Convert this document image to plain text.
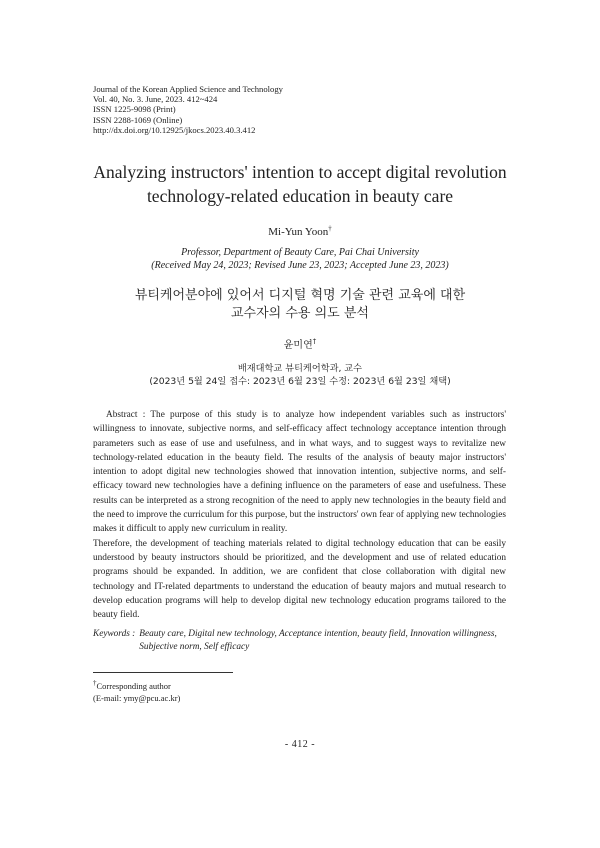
Journal of the Korean Applied Science and Technology
Vol. 40, No. 3. June, 2023. 412~424
ISSN 1225-9098 (Print)
ISSN 2288-1069 (Online)
http://dx.doi.org/10.12925/jkocs.2023.40.3.412
Analyzing instructors' intention to accept digital revolution
technology-related education in beauty care
Mi-Yun Yoon†
Professor, Department of Beauty Care, Pai Chai University
(Received May 24, 2023; Revised June 23, 2023; Accepted June 23, 2023)
뷰티케어분야에 있어서 디지털 혁명 기술 관련 교육에 대한
교수자의 수용 의도 분석
윤미연†
배재대학교 뷰티케어학과, 교수
(2023년 5월 24일 접수: 2023년 6월 23일 수정: 2023년 6월 23일 채택)

Abstract : The purpose of this study is to analyze how independent variables such as instructors' willingness to innovate, subjective norms, and self-efficacy affect technology acceptance intention through parameters such as ease of use and usefulness, and in what ways, and to suggest ways to revitalize new technology-related education in the beauty field. The results of the analysis of beauty major instructors' intention to adopt digital new technologies showed that innovation intention, subjective norms, and self-efficacy toward new technologies have a defining influence on the parameters of ease and usefulness. These results can be interpreted as a strong recognition of the need to apply new technologies in the beauty field and the need to improve the curriculum for this purpose, but the instructors' own fear of applying new technologies makes it difficult to apply new curriculum in reality.

Therefore, the development of teaching materials related to digital technology education that can be easily understood by beauty instructors should be prioritized, and the development and use of related education programs should be expanded. In addition, we are confident that close collaboration with digital new technology and IT-related departments to understand the education of beauty majors and mutual research to develop education programs will help to develop digital new technology education programs tailored to the beauty field.

Keywords : Beauty care, Digital new technology, Acceptance intention, beauty field, Innovation willingness, Subjective norm, Self efficacy
†Corresponding author
(E-mail: ymy@pcu.ac.kr)
- 412 -
